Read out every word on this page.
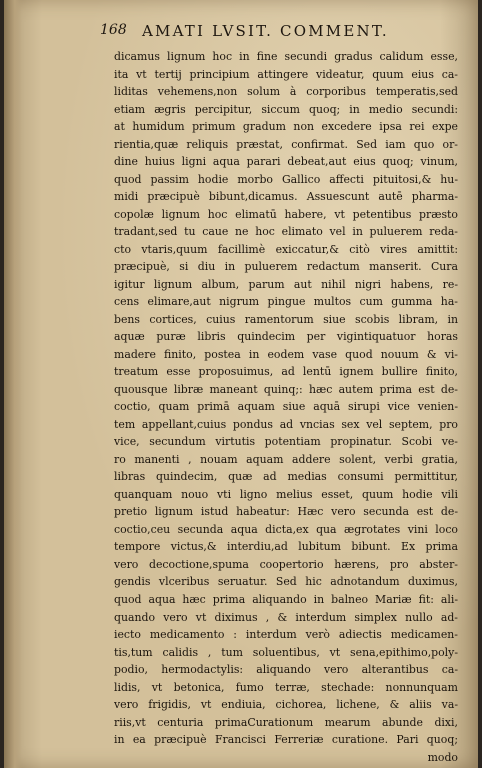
168 AMATI LVSIT. COMMENT.
dicamus lignum hoc in fine secundi gradus calidum esse,
ita vt tertij principium attingere videatur, quum eius ca-
liditas vehemens,non solum à corporibus temperatis,sed
etiam ægris percipitur, siccum quoq; in medio secundi:
at humidum primum gradum non excedere ipsa rei expe
rientia,quæ reliquis præstat, confirmat. Sed iam quo or-
dine huius ligni aqua parari debeat,aut eius quoq; vinum,
quod passim hodie morbo Gallico affecti pituitosi,& hu-
midi præcipuè bibunt,dicamus. Assuescunt autē pharma-
copolæ lignum hoc elimatū habere, vt petentibus præsto
tradant,sed tu caue ne hoc elimato vel in puluerem reda-
cto vtaris,quum facillimè exiccatur,& citò vires amittit:
præcipuè, si diu in puluerem redactum manserit. Cura
igitur lignum album, parum aut nihil nigri habens, re-
cens elimare,aut nigrum pingue multos cum gumma ha-
bens cortices, cuius ramentorum siue scobis libram, in
aquæ puræ libris quindecim per vigintiquatuor horas
madere finito, postea in eodem vase quod nouum & vi-
treatum esse proposuimus, ad lentū ignem bullire finito,
quousque libræ maneant quinq;: hæc autem prima est de-
coctio, quam primā aquam siue aquā sirupi vice venien-
tem appellant,cuius pondus ad vncias sex vel septem, pro
vice, secundum virtutis potentiam propinatur. Scobi ve-
ro manenti , nouam aquam addere solent, verbi gratia,
libras quindecim, quæ ad medias consumi permittitur,
quanquam nouo vti ligno melius esset, quum hodie vili
pretio lignum istud habeatur: Hæc vero secunda est de-
coctio,ceu secunda aqua dicta,ex qua ægrotates vini loco
tempore victus,& interdiu,ad lubitum bibunt. Ex prima
vero decoctione,spuma coopertorio hærens, pro abster-
gendis vlceribus seruatur. Sed hic adnotandum duximus,
quod aqua hæc prima aliquando in balneo Mariæ fit: ali-
quando vero vt diximus , & interdum simplex nullo ad-
iecto medicamento : interdum verò adiectis medicamen-
tis,tum calidis , tum soluentibus, vt sena,epithimo,poly-
podio, hermodactylis: aliquando vero alterantibus ca-
lidis, vt betonica, fumo terræ, stechade: nonnunquam
vero frigidis, vt endiuia, cichorea, lichene, & aliis va-
riis,vt centuria primaCurationum mearum abunde dixi,
in ea præcipuè Francisci Ferreriæ curatione. Pari quoq;
modo
